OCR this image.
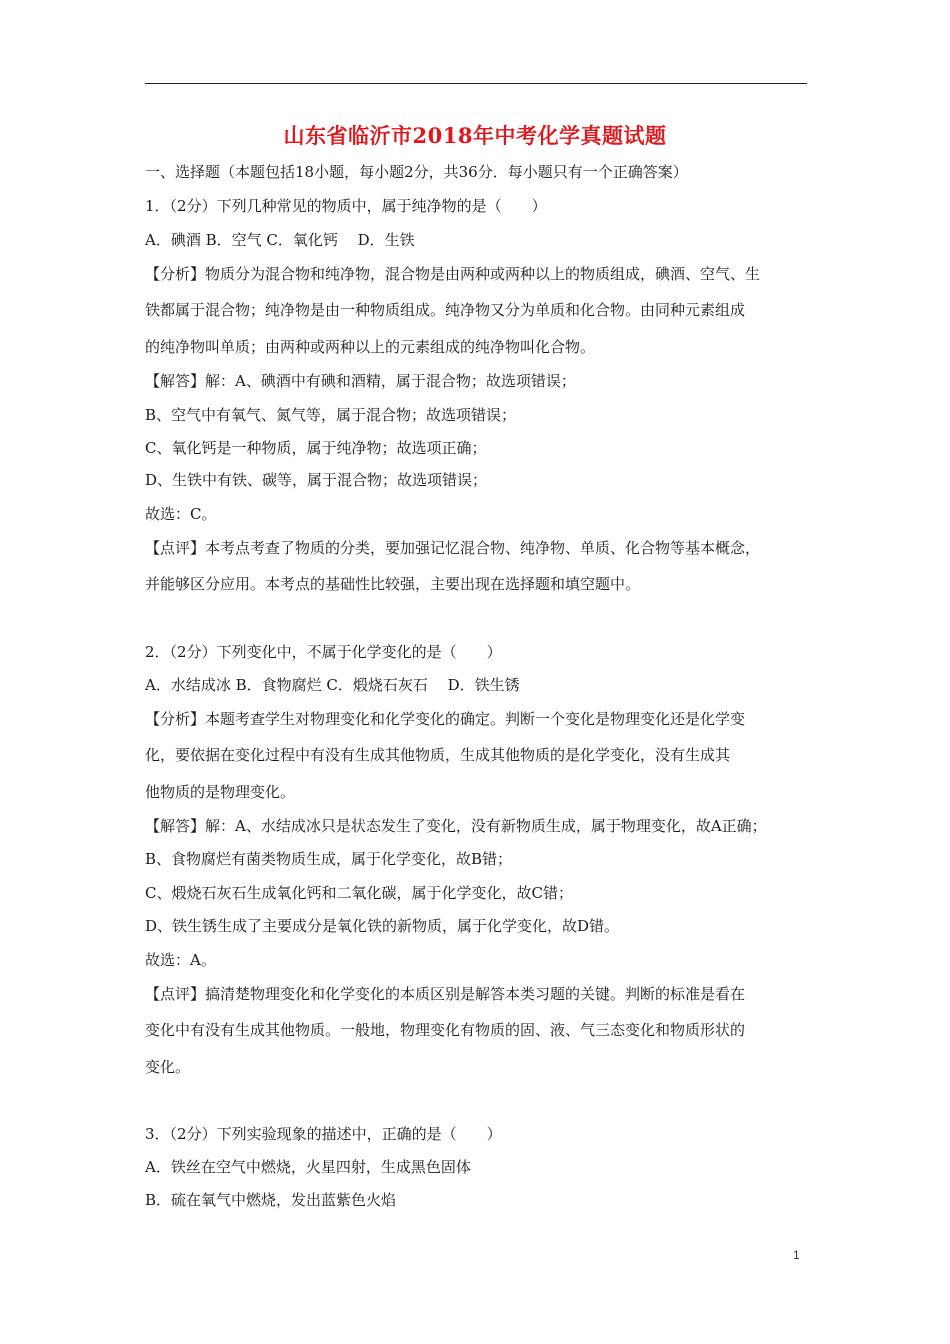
山东省临沂市2018年中考化学真题试题
一、选择题（本题包括18小题，每小题2分，共36分．每小题只有一个正确答案）
1．（2分）下列几种常见的物质中，属于纯净物的是（　　）
A．碘酒 B．空气 C．氧化钙　 D．生铁
【分析】物质分为混合物和纯净物，混合物是由两种或两种以上的物质组成，碘酒、空气、生
铁都属于混合物；纯净物是由一种物质组成。纯净物又分为单质和化合物。由同种元素组成
的纯净物叫单质；由两种或两种以上的元素组成的纯净物叫化合物。
【解答】解：A、碘酒中有碘和酒精，属于混合物；故选项错误；
B、空气中有氧气、氮气等，属于混合物；故选项错误；
C、氧化钙是一种物质，属于纯净物；故选项正确；
D、生铁中有铁、碳等，属于混合物；故选项错误；
故选：C。
【点评】本考点考查了物质的分类，要加强记忆混合物、纯净物、单质、化合物等基本概念，
并能够区分应用。本考点的基础性比较强，主要出现在选择题和填空题中。
2．（2分）下列变化中，不属于化学变化的是（　　）
A．水结成冰 B．食物腐烂 C．煅烧石灰石　 D．铁生锈
【分析】本题考查学生对物理变化和化学变化的确定。判断一个变化是物理变化还是化学变
化，要依据在变化过程中有没有生成其他物质，生成其他物质的是化学变化，没有生成其
他物质的是物理变化。
【解答】解：A、水结成冰只是状态发生了变化，没有新物质生成，属于物理变化，故A正确；
B、食物腐烂有菌类物质生成，属于化学变化，故B错；
C、煅烧石灰石生成氧化钙和二氧化碳，属于化学变化，故C错；
D、铁生锈生成了主要成分是氧化铁的新物质，属于化学变化，故D错。
故选：A。
【点评】搞清楚物理变化和化学变化的本质区别是解答本类习题的关键。判断的标准是看在
变化中有没有生成其他物质。一般地，物理变化有物质的固、液、气三态变化和物质形状的
变化。
3．（2分）下列实验现象的描述中，正确的是（　　）
A．铁丝在空气中燃烧，火星四射，生成黑色固体
B．硫在氧气中燃烧，发出蓝紫色火焰
1
